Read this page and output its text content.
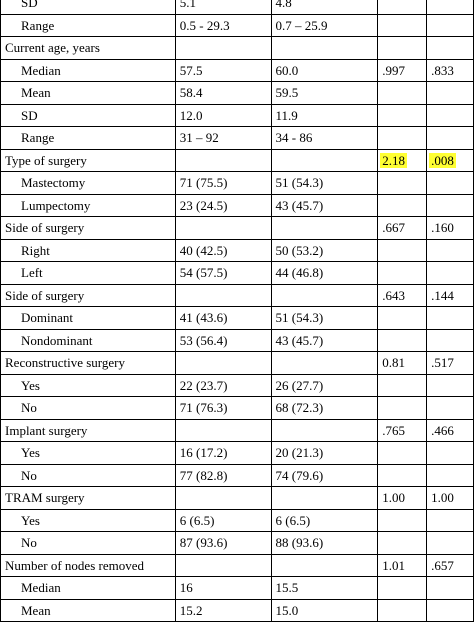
SD	5.1	4.8		
Range	0.5 - 29.3	0.7 – 25.9		
Current age, years				
Median	57.5	60.0	.997	.833
Mean	58.4	59.5		
SD	12.0	11.9		
Range	31 – 92	34 - 86		
Type of surgery			2.18	.008
Mastectomy	71 (75.5)	51 (54.3)		
Lumpectomy	23 (24.5)	43 (45.7)		
Side of surgery			.667	.160
Right	40 (42.5)	50 (53.2)		
Left	54 (57.5)	44 (46.8)		
Side of surgery			.643	.144
Dominant	41 (43.6)	51 (54.3)		
Nondominant	53 (56.4)	43 (45.7)		
Reconstructive surgery			0.81	.517
Yes	22 (23.7)	26 (27.7)		
No	71 (76.3)	68 (72.3)		
Implant surgery			.765	.466
Yes	16 (17.2)	20 (21.3)		
No	77 (82.8)	74 (79.6)		
TRAM surgery			1.00	1.00
Yes	6 (6.5)	6 (6.5)		
No	87 (93.6)	88 (93.6)		
Number of nodes removed			1.01	.657
Median	16	15.5		
Mean	15.2	15.0		
